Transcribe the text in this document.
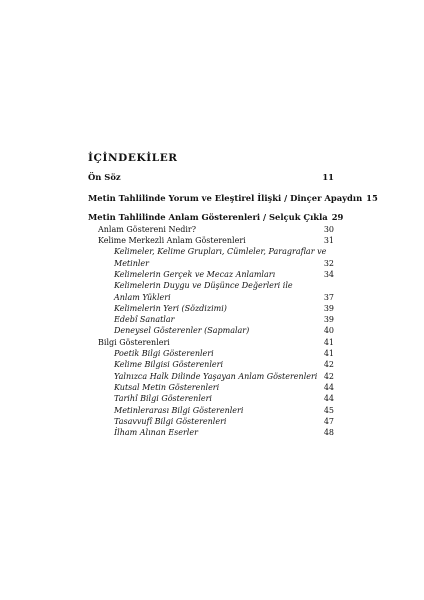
İÇİNDEKİLER
Ön Söz	11
Metin Tahlilinde Yorum ve Eleştirel İlişki / Dinçer Apaydın 15
Metin Tahlilinde Anlam Gösterenleri / Selçuk Çıkla 29
Anlam Göstereni Nedir?	30
Kelime Merkezli Anlam Gösterenleri	31
Kelimeler, Kelime Grupları, Cümleler, Paragraflar ve
Metinler	32
Kelimelerin Gerçek ve Mecaz Anlamları	34
Kelimelerin Duygu ve Düşünce Değerleri ile
Anlam Yükleri	37
Kelimelerin Yeri (Sözdizimi)	39
Edebî Sanatlar	39
Deneysel Gösterenler (Sapmalar)	40
Bilgi Gösterenleri	41
Poetik Bilgi Gösterenleri	41
Kelime Bilgisi Gösterenleri	42
Yalnızca Halk Dilinde Yaşayan Anlam Gösterenleri 42
Kutsal Metin Gösterenleri	44
Tarihî Bilgi Gösterenleri	44
Metinlerarası Bilgi Gösterenleri	45
Tasavvufî Bilgi Gösterenleri	47
İlham Alınan Eserler	48
